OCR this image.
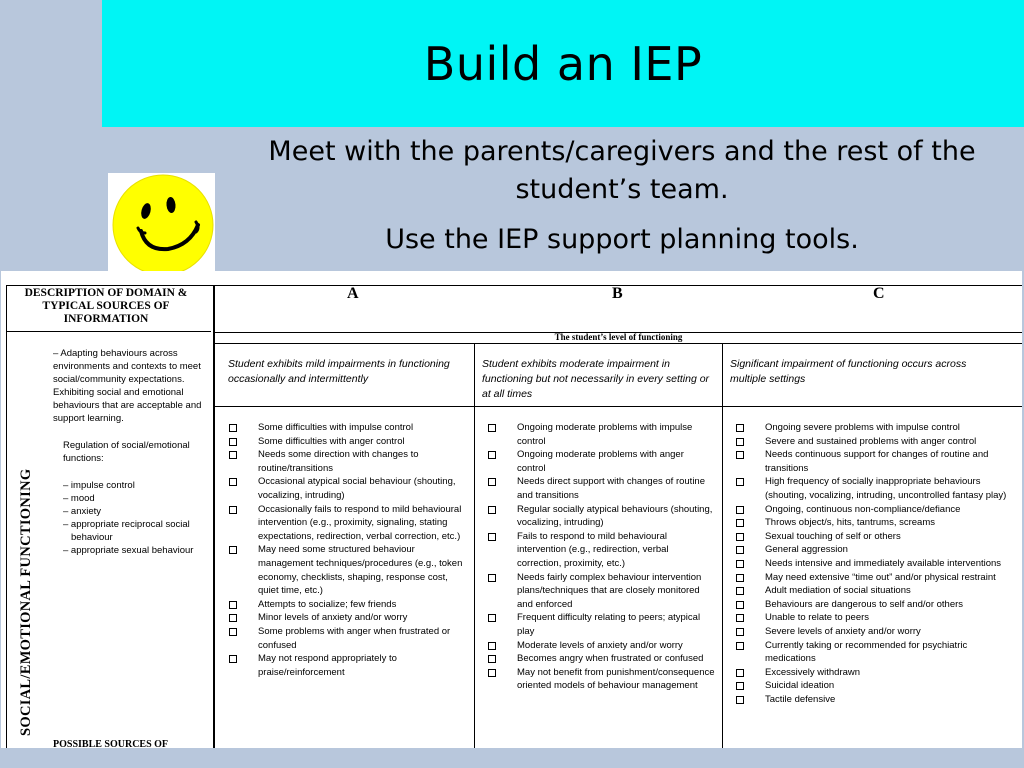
Build an IEP

Meet with the parents/caregivers and the rest of the student’s team.

Use the IEP support planning tools.

DESCRIPTION OF DOMAIN & TYPICAL SOURCES OF INFORMATION
– Adapting behaviours across environments and contexts to meet social/community expectations. Exhibiting social and emotional behaviours that are acceptable and support learning.
Regulation of social/emotional functions:
– impulse control
– mood
– anxiety
– appropriate reciprocal social behaviour
– appropriate sexual behaviour
SOCIAL/EMOTIONAL FUNCTIONING
POSSIBLE SOURCES OF
A	B	C
The student’s level of functioning
Student exhibits mild impairments in functioning occasionally and intermittently
Student exhibits moderate impairment in functioning but not necessarily in every setting or at all times
Significant impairment of functioning occurs across multiple settings
Some difficulties with impulse control
Some difficulties with anger control
Needs some direction with changes to routine/transitions
Occasional atypical social behaviour (shouting, vocalizing, intruding)
Occasionally fails to respond to mild behavioural intervention (e.g., proximity, signaling, stating expectations, redirection, verbal correction, etc.)
May need some structured behaviour management techniques/procedures (e.g., token economy, checklists, shaping, response cost, quiet time, etc.)
Attempts to socialize; few friends
Minor levels of anxiety and/or worry
Some problems with anger when frustrated or confused
May not respond appropriately to praise/reinforcement
Ongoing moderate problems with impulse control
Ongoing moderate problems with anger control
Needs direct support with changes of routine and transitions
Regular socially atypical behaviours (shouting, vocalizing, intruding)
Fails to respond to mild behavioural intervention (e.g., redirection, verbal correction, proximity, etc.)
Needs fairly complex behaviour intervention plans/techniques that are closely monitored and enforced
Frequent difficulty relating to peers; atypical play
Moderate levels of anxiety and/or worry
Becomes angry when frustrated or confused
May not benefit from punishment/consequence oriented models of behaviour management
Ongoing severe problems with impulse control
Severe and sustained problems with anger control
Needs continuous support for changes of routine and transitions
High frequency of socially inappropriate behaviours (shouting, vocalizing, intruding, uncontrolled fantasy play)
Ongoing, continuous non-compliance/defiance
Throws object/s, hits, tantrums, screams
Sexual touching of self or others
General aggression
Needs intensive and immediately available interventions
May need extensive “time out” and/or physical restraint
Adult mediation of social situations
Behaviours are dangerous to self and/or others
Unable to relate to peers
Severe levels of anxiety and/or worry
Currently taking or recommended for psychiatric medications
Excessively withdrawn
Suicidal ideation
Tactile defensive
